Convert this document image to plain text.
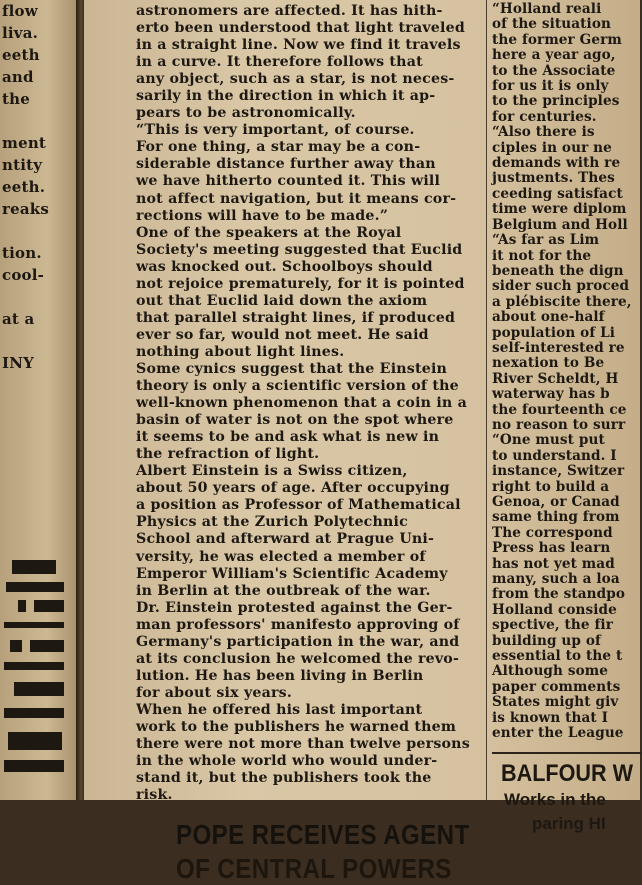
flow
liva.
eeth
and
the

ment
ntity
eeth.
reaks

tion.
cool-

at a

INY
astronomers are affected. It has hith-
erto been understood that light traveled
in a straight line. Now we find it travels
in a curve. It therefore follows that
any object, such as a star, is not neces-
sarily in the direction in which it ap-
pears to be astronomically.
“This is very important, of course.
For one thing, a star may be a con-
siderable distance further away than
we have hitherto counted it. This will
not affect navigation, but it means cor-
rections will have to be made.”
One of the speakers at the Royal
Society's meeting suggested that Euclid
was knocked out. Schoolboys should
not rejoice prematurely, for it is pointed
out that Euclid laid down the axiom
that parallel straight lines, if produced
ever so far, would not meet. He said
nothing about light lines.
Some cynics suggest that the Einstein
theory is only a scientific version of the
well-known phenomenon that a coin in a
basin of water is not on the spot where
it seems to be and ask what is new in
the refraction of light.
Albert Einstein is a Swiss citizen,
about 50 years of age. After occupying
a position as Professor of Mathematical
Physics at the Zurich Polytechnic
School and afterward at Prague Uni-
versity, he was elected a member of
Emperor William's Scientific Academy
in Berlin at the outbreak of the war.
Dr. Einstein protested against the Ger-
man professors' manifesto approving of
Germany's participation in the war, and
at its conclusion he welcomed the revo-
lution. He has been living in Berlin
for about six years.
When he offered his last important
work to the publishers he warned them
there were not more than twelve persons
in the whole world who would under-
stand it, but the publishers took the
risk.
POPE RECEIVES AGENT
OF CENTRAL POWERS
“Holland reali
of the situation
the former Germ
here a year ago,
to the Associate
for us it is only
to the principles
for centuries.
“Also there is
ciples in our ne
demands with re
justments. Thes
ceeding satisfact
time were diplom
Belgium and Holl
“As far as Lim
it not for the
beneath the dign
sider such proced
a plébiscite there,
about one-half
population of Li
self-interested re
nexation to Be
River Scheldt, H
waterway has b
the fourteenth ce
no reason to surr
“One must put
to understand. I
instance, Switzer
right to build a
Genoa, or Canad
same thing from
The correspond
Press has learn
has not yet mad
many, such a loa
from the standpo
Holland conside
spective, the fir
building up of
essential to the t
Although some
paper comments
States might giv
is known that I
enter the League
BALFOUR W
Works in the
paring HI
